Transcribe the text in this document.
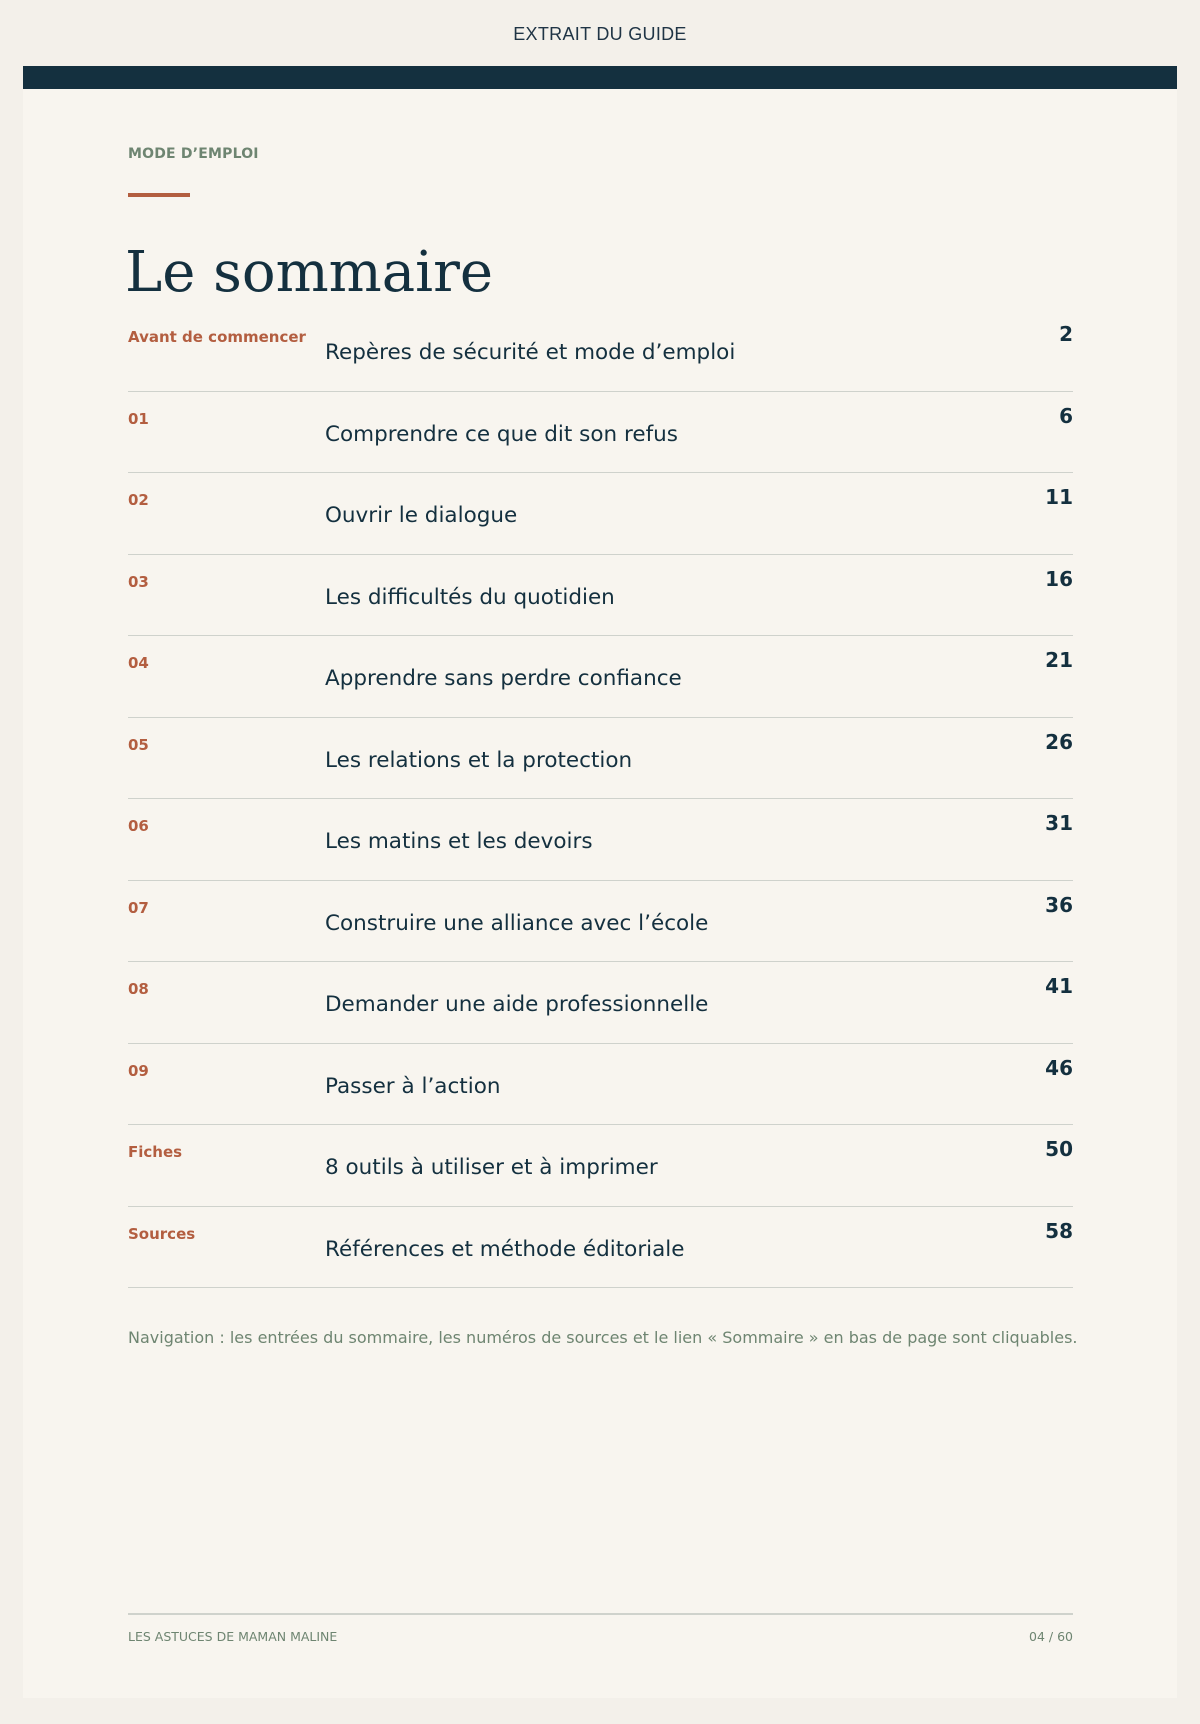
EXTRAIT DU GUIDE
MODE D’EMPLOI
Le sommaire
Avant de commencer
Repères de sécurité et mode d’emploi
2
01
Comprendre ce que dit son refus
6
02
Ouvrir le dialogue
11
03
Les difficultés du quotidien
16
04
Apprendre sans perdre confiance
21
05
Les relations et la protection
26
06
Les matins et les devoirs
31
07
Construire une alliance avec l’école
36
08
Demander une aide professionnelle
41
09
Passer à l’action
46
Fiches
8 outils à utiliser et à imprimer
50
Sources
Références et méthode éditoriale
58
Navigation : les entrées du sommaire, les numéros de sources et le lien « Sommaire » en bas de page sont cliquables.
LES ASTUCES DE MAMAN MALINE	04 / 60
